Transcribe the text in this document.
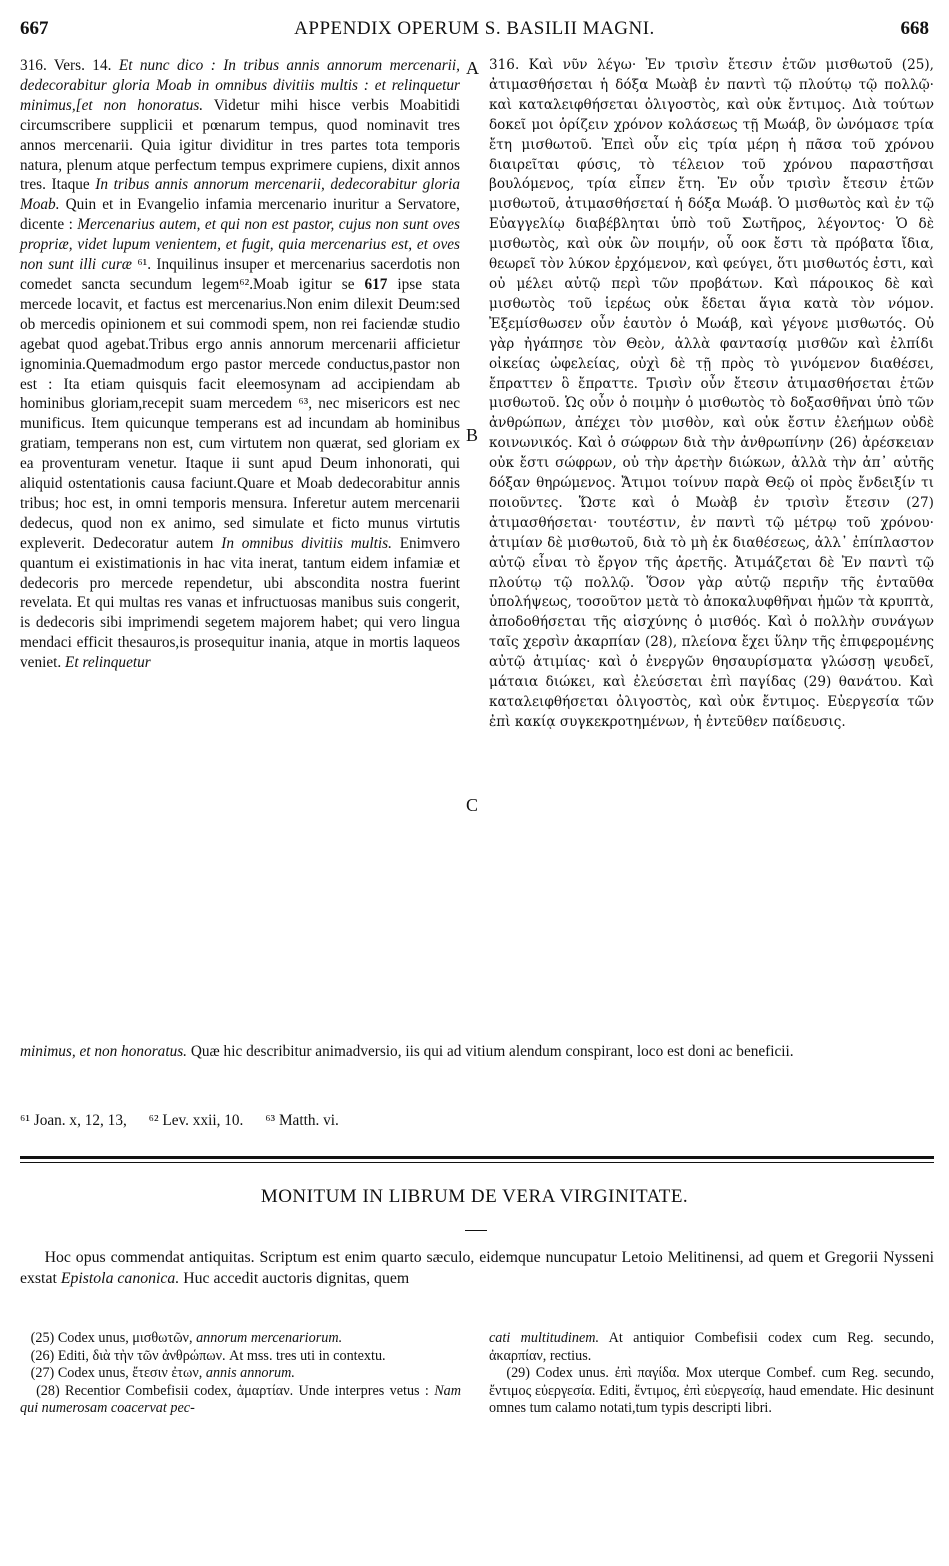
667	APPENDIX OPERUM S. BASILII MAGNI.	668
A
B
C

316. Vers. 14. Et nunc dico : In tribus annis annorum mercenarii, dedecorabitur gloria Moab in omnibus divitiis multis : et relinquetur minimus,[et non honoratus. Videtur mihi hisce verbis Moabitidi circumscribere supplicii et pœnarum tempus, quod nominavit tres annos mercenarii. Quia igitur dividitur in tres partes tota temporis natura, plenum atque perfectum tempus exprimere cupiens, dixit annos tres. Itaque In tribus annis annorum mercenarii, dedecorabitur gloria Moab. Quin et in Evangelio infamia mercenario inuritur a Servatore, dicente : Mercenarius autem, et qui non est pastor, cujus non sunt oves propriæ, videt lupum venientem, et fugit, quia mercenarius est, et oves non sunt illi curæ ⁶¹. Inquilinus insuper et mercenarius sacerdotis non comedet sancta secundum legem⁶².Moab igitur se 617 ipse stata mercede locavit, et factus est mercenarius.Non enim dilexit Deum:sed ob mercedis opinionem et sui commodi spem, non rei faciendæ studio agebat quod agebat.Tribus ergo annis annorum mercenarii afficietur ignominia.Quemadmodum ergo pastor mercede conductus,pastor non est : Ita etiam quisquis facit eleemosynam ad accipiendam ab hominibus gloriam,recepit suam mercedem ⁶³, nec misericors est nec munificus. Item quicunque temperans est ad incundam ab hominibus gratiam, temperans non est, cum virtutem non quærat, sed gloriam ex ea proventuram venetur. Itaque ii sunt apud Deum inhonorati, qui aliquid ostentationis causa faciunt.Quare et Moab dedecorabitur annis tribus; hoc est, in omni temporis mensura. Inferetur autem mercenarii dedecus, quod non ex animo, sed simulate et ficto munus virtutis expleverit. Dedecoratur autem In omnibus divitiis multis. Enimvero quantum ei existimationis in hac vita inerat, tantum eidem infamiæ et dedecoris pro mercede rependetur, ubi abscondita nostra fuerint revelata. Et qui multas res vanas et infructuosas manibus suis congerit, is dedecoris sibi imprimendi segetem majorem habet; qui vero lingua mendaci efficit thesauros,is prosequitur inania, atque in mortis laqueos veniet. Et relinquetur

316. Καὶ νῦν λέγω· Ἐν τρισὶν ἔτεσιν ἐτῶν μισθωτοῦ (25), ἀτιμασθήσεται ἡ δόξα Μωὰβ ἐν παντὶ τῷ πλούτῳ τῷ πολλῷ· καὶ καταλειφθήσεται ὀλιγοστὸς, καὶ οὐκ ἔντιμος. Διὰ τούτων δοκεῖ μοι ὁρίζειν χρόνον κολάσεως τῇ Μωάβ, ὃν ὠνόμασε τρία ἔτη μισθωτοῦ. Ἐπεὶ οὖν εἰς τρία μέρη ἡ πᾶσα τοῦ χρόνου διαιρεῖται φύσις, τὸ τέλειον τοῦ χρόνου παραστῆσαι βουλόμενος, τρία εἶπεν ἔτη. Ἐν οὖν τρισὶν ἔτεσιν ἐτῶν μισθωτοῦ, ἀτιμασθήσεταί ἡ δόξα Μωάβ. Ὁ μισθωτὸς καὶ ἐν τῷ Εὐαγγελίῳ διαβέβληται ὑπὸ τοῦ Σωτῆρος, λέγοντος· Ὁ δὲ μισθωτὸς, καὶ οὐκ ὢν ποιμήν, οὗ οοκ ἔστι τὰ πρόβατα ἴδια, θεωρεῖ τὸν λύκον ἐρχόμενον, καὶ φεύγει, ὅτι μισθωτός ἐστι, καὶ οὐ μέλει αὐτῷ περὶ τῶν προβάτων. Καὶ πάροικος δὲ καὶ μισθωτὸς τοῦ ἱερέως οὐκ ἔδεται ἅγια κατὰ τὸν νόμον. Ἐξεμίσθωσεν οὖν ἑαυτὸν ὁ Μωάβ, καὶ γέγονε μισθωτός. Οὐ γὰρ ἠγάπησε τὸν Θεὸν, ἀλλὰ φαντασίᾳ μισθῶν καὶ ἐλπίδι οἰκείας ὠφελείας, οὐχὶ δὲ τῇ πρὸς τὸ γινόμενον διαθέσει, ἔπραττεν ὃ ἔπραττε. Τρισὶν οὖν ἔτεσιν ἀτιμασθήσεται ἐτῶν μισθωτοῦ. Ὡς οὖν ὁ ποιμὴν ὁ μισθωτὸς τὸ δοξασθῆναι ὑπὸ τῶν ἀνθρώπων, ἀπέχει τὸν μισθὸν, καὶ οὐκ ἔστιν ἐλεήμων οὐδὲ κοινωνικός. Καὶ ὁ σώφρων διὰ τὴν ἀνθρωπίνην (26) ἀρέσκειαν οὐκ ἔστι σώφρων, οὐ τὴν ἀρετὴν διώκων, ἀλλὰ τὴν ἀπ᾽ αὐτῆς δόξαν θηρώμενος. Ἄτιμοι τοίνυν παρὰ Θεῷ οἱ πρὸς ἔνδειξίν τι ποιοῦντες. Ὥστε καὶ ὁ Μωὰβ ἐν τρισὶν ἔτεσιν (27) ἀτιμασθήσεται· τουτέστιν, ἐν παντὶ τῷ μέτρῳ τοῦ χρόνου· ἀτιμίαν δὲ μισθωτοῦ, διὰ τὸ μὴ ἐκ διαθέσεως, ἀλλ᾽ ἐπίπλαστον αὐτῷ εἶναι τὸ ἔργον τῆς ἀρετῆς. Ἀτιμάζεται δὲ Ἐν παντὶ τῷ πλούτῳ τῷ πολλῷ. Ὅσον γὰρ αὐτῷ περιῆν τῆς ἐνταῦθα ὑπολήψεως, τοσοῦτον μετὰ τὸ ἀποκαλυφθῆναι ἡμῶν τὰ κρυπτὰ, ἀποδοθήσεται τῆς αἰσχύνης ὁ μισθός. Καὶ ὁ πολλὴν συνάγων ταῖς χερσὶν ἀκαρπίαν (28), πλείονα ἔχει ὕλην τῆς ἐπιφερομένης αὐτῷ ἀτιμίας· καὶ ὁ ἐνεργῶν θησαυρίσματα γλώσσῃ ψευδεῖ, μάταια διώκει, καὶ ἐλεύσεται ἐπὶ παγίδας (29) θανάτου. Καὶ καταλειφθήσεται ὀλιγοστὸς, καὶ οὐκ ἔντιμος. Εὐεργεσία τῶν ἐπὶ κακίᾳ συγκεκροτημένων, ἡ ἐντεῦθεν παίδευσις.

minimus, et non honoratus. Quæ hic describitur animadversio, iis qui ad vitium alendum conspirant, loco est doni ac beneficii.
⁶¹ Joan. x, 12, 13, ⁶² Lev. xxii, 10. ⁶³ Matth. vi.
MONITUM IN LIBRUM DE VERA VIRGINITATE.
Hoc opus commendat antiquitas. Scriptum est enim quarto sæculo, eidemque nuncupatur Letoio Melitinensi, ad quem et Gregorii Nysseni exstat Epistola canonica. Huc accedit auctoris dignitas, quem

(25) Codex unus, μισθωτῶν, annorum mercenariorum.

(26) Editi, διὰ τὴν τῶν ἀνθρώπων. At mss. tres uti in contextu.

(27) Codex unus, ἔτεσιν ἐτων, annis annorum.

(28) Recentior Combefisii codex, ἁμαρτίαν. Unde interpres vetus : Nam qui numerosam coacervat pec-

cati multitudinem. At antiquior Combefisii codex cum Reg. secundo, ἀκαρπίαν, rectius.

(29) Codex unus. ἐπὶ παγίδα. Mox uterque Combef. cum Reg. secundo, ἔντιμος εὐεργεσία. Editi, ἔντιμος, ἐπὶ εὐεργεσίᾳ, haud emendate. Hic desinunt omnes tum calamo notati,tum typis descripti libri.
